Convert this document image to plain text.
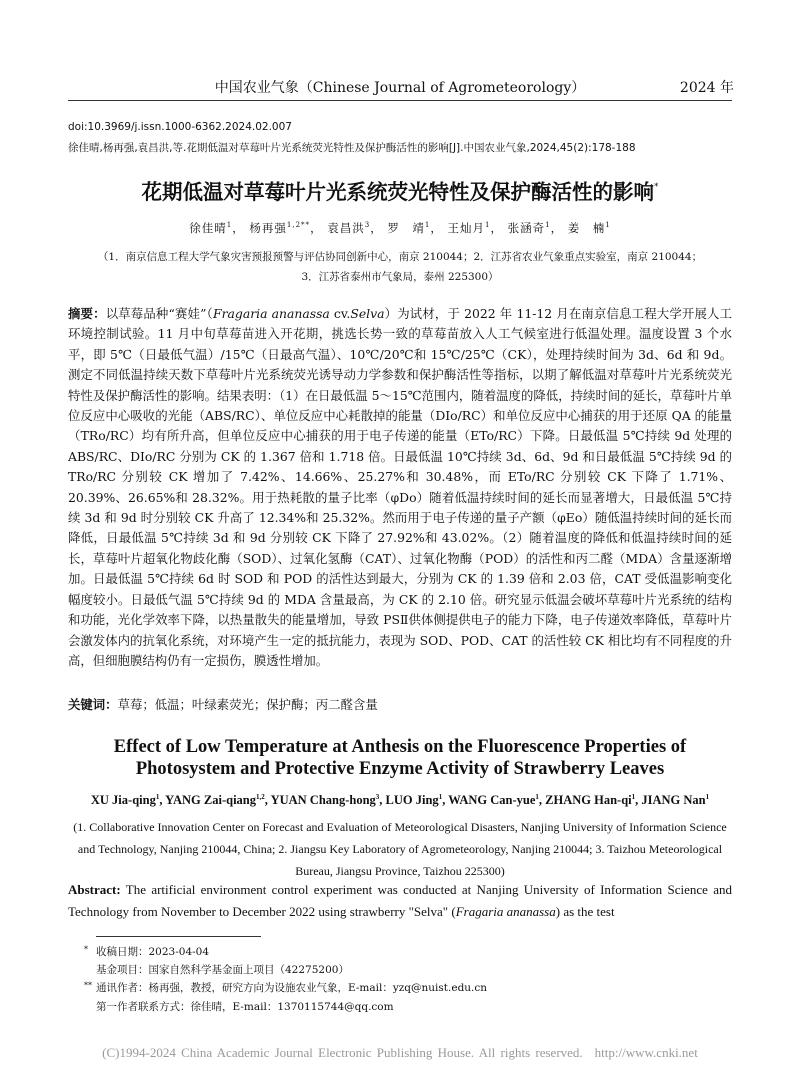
中国农业气象（Chinese Journal of Agrometeorology）	2024 年
doi:10.3969/j.issn.1000-6362.2024.02.007
徐佳晴,杨再强,袁昌洪,等.花期低温对草莓叶片光系统荧光特性及保护酶活性的影响[J].中国农业气象,2024,45(2):178-188
花期低温对草莓叶片光系统荧光特性及保护酶活性的影响*
徐佳晴$^1$， 杨再强$^{1,2**}$， 袁昌洪$^3$， 罗　靖$^1$， 王灿月$^1$， 张涵奇$^1$， 姜　楠$^1$
（1．南京信息工程大学气象灾害预报预警与评估协同创新中心，南京 210044；2．江苏省农业气象重点实验室，南京 210044；
3．江苏省泰州市气象局，泰州 225300）
摘要：以草莓品种“赛娃”（Fragaria ananassa cv.Selva）为试材，于 2022 年 11-12 月在南京信息工程大学开展人工环境控制试验。11 月中旬草莓苗进入开花期，挑选长势一致的草莓苗放入人工气候室进行低温处理。温度设置 3 个水平，即 5℃（日最低气温）/15℃（日最高气温）、10℃/20℃和 15℃/25℃（CK），处理持续时间为 3d、6d 和 9d。测定不同低温持续天数下草莓叶片光系统荧光诱导动力学参数和保护酶活性等指标，以期了解低温对草莓叶片光系统荧光特性及保护酶活性的影响。结果表明：（1）在日最低温 5～15℃范围内，随着温度的降低，持续时间的延长，草莓叶片单位反应中心吸收的光能（ABS/RC）、单位反应中心耗散掉的能量（DIo/RC）和单位反应中心捕获的用于还原 QA 的能量（TRo/RC）均有所升高，但单位反应中心捕获的用于电子传递的能量（ETo/RC）下降。日最低温 5℃持续 9d 处理的 ABS/RC、DIo/RC 分别为 CK 的 1.367 倍和 1.718 倍。日最低温 10℃持续 3d、6d、9d 和日最低温 5℃持续 9d 的 TRo/RC 分别较 CK 增加了 7.42%、14.66%、25.27%和 30.48%，而 ETo/RC 分别较 CK 下降了 1.71%、20.39%、26.65%和 28.32%。用于热耗散的量子比率（φDo）随着低温持续时间的延长而显著增大，日最低温 5℃持续 3d 和 9d 时分别较 CK 升高了 12.34%和 25.32%。然而用于电子传递的量子产额（φEo）随低温持续时间的延长而降低，日最低温 5℃持续 3d 和 9d 分别较 CK 下降了 27.92%和 43.02%。（2）随着温度的降低和低温持续时间的延长，草莓叶片超氧化物歧化酶（SOD）、过氧化氢酶（CAT）、过氧化物酶（POD）的活性和丙二醛（MDA）含量逐渐增加。日最低温 5℃持续 6d 时 SOD 和 POD 的活性达到最大，分别为 CK 的 1.39 倍和 2.03 倍，CAT 受低温影响变化幅度较小。日最低气温 5℃持续 9d 的 MDA 含量最高，为 CK 的 2.10 倍。研究显示低温会破坏草莓叶片光系统的结构和功能，光化学效率下降，以热量散失的能量增加，导致 PSⅡ供体侧提供电子的能力下降，电子传递效率降低，草莓叶片会激发体内的抗氧化系统，对环境产生一定的抵抗能力，表现为 SOD、POD、CAT 的活性较 CK 相比均有不同程度的升高，但细胞膜结构仍有一定损伤，膜透性增加。
关键词：草莓；低温；叶绿素荧光；保护酶；丙二醛含量
Effect of Low Temperature at Anthesis on the Fluorescence Properties of
Photosystem and Protective Enzyme Activity of Strawberry Leaves
XU Jia-qing$^1$, YANG Zai-qiang$^{1,2}$, YUAN Chang-hong$^3$, LUO Jing$^1$, WANG Can-yue$^1$, ZHANG Han-$qi^1$, JIANG Nan$^1$
(1. Collaborative Innovation Center on Forecast and Evaluation of Meteorological Disasters, Nanjing University of Information Science and Technology, Nanjing 210044, China; 2. Jiangsu Key Laboratory of Agrometeorology, Nanjing 210044; 3. Taizhou Meteorological Bureau, Jiangsu Province, Taizhou 225300)
Abstract: The artificial environment control experiment was conducted at Nanjing University of Information Science and Technology from November to December 2022 using strawberry "Selva" (Fragaria ananassa) as the test
* 收稿日期：2023-04-04
基金项目：国家自然科学基金面上项目（42275200）
** 通讯作者：杨再强，教授，研究方向为设施农业气象，E-mail：yzq@nuist.edu.cn
第一作者联系方式：徐佳晴，E-mail：1370115744@qq.com
(C)1994-2024 China Academic Journal Electronic Publishing House. All rights reserved. http://www.cnki.net
